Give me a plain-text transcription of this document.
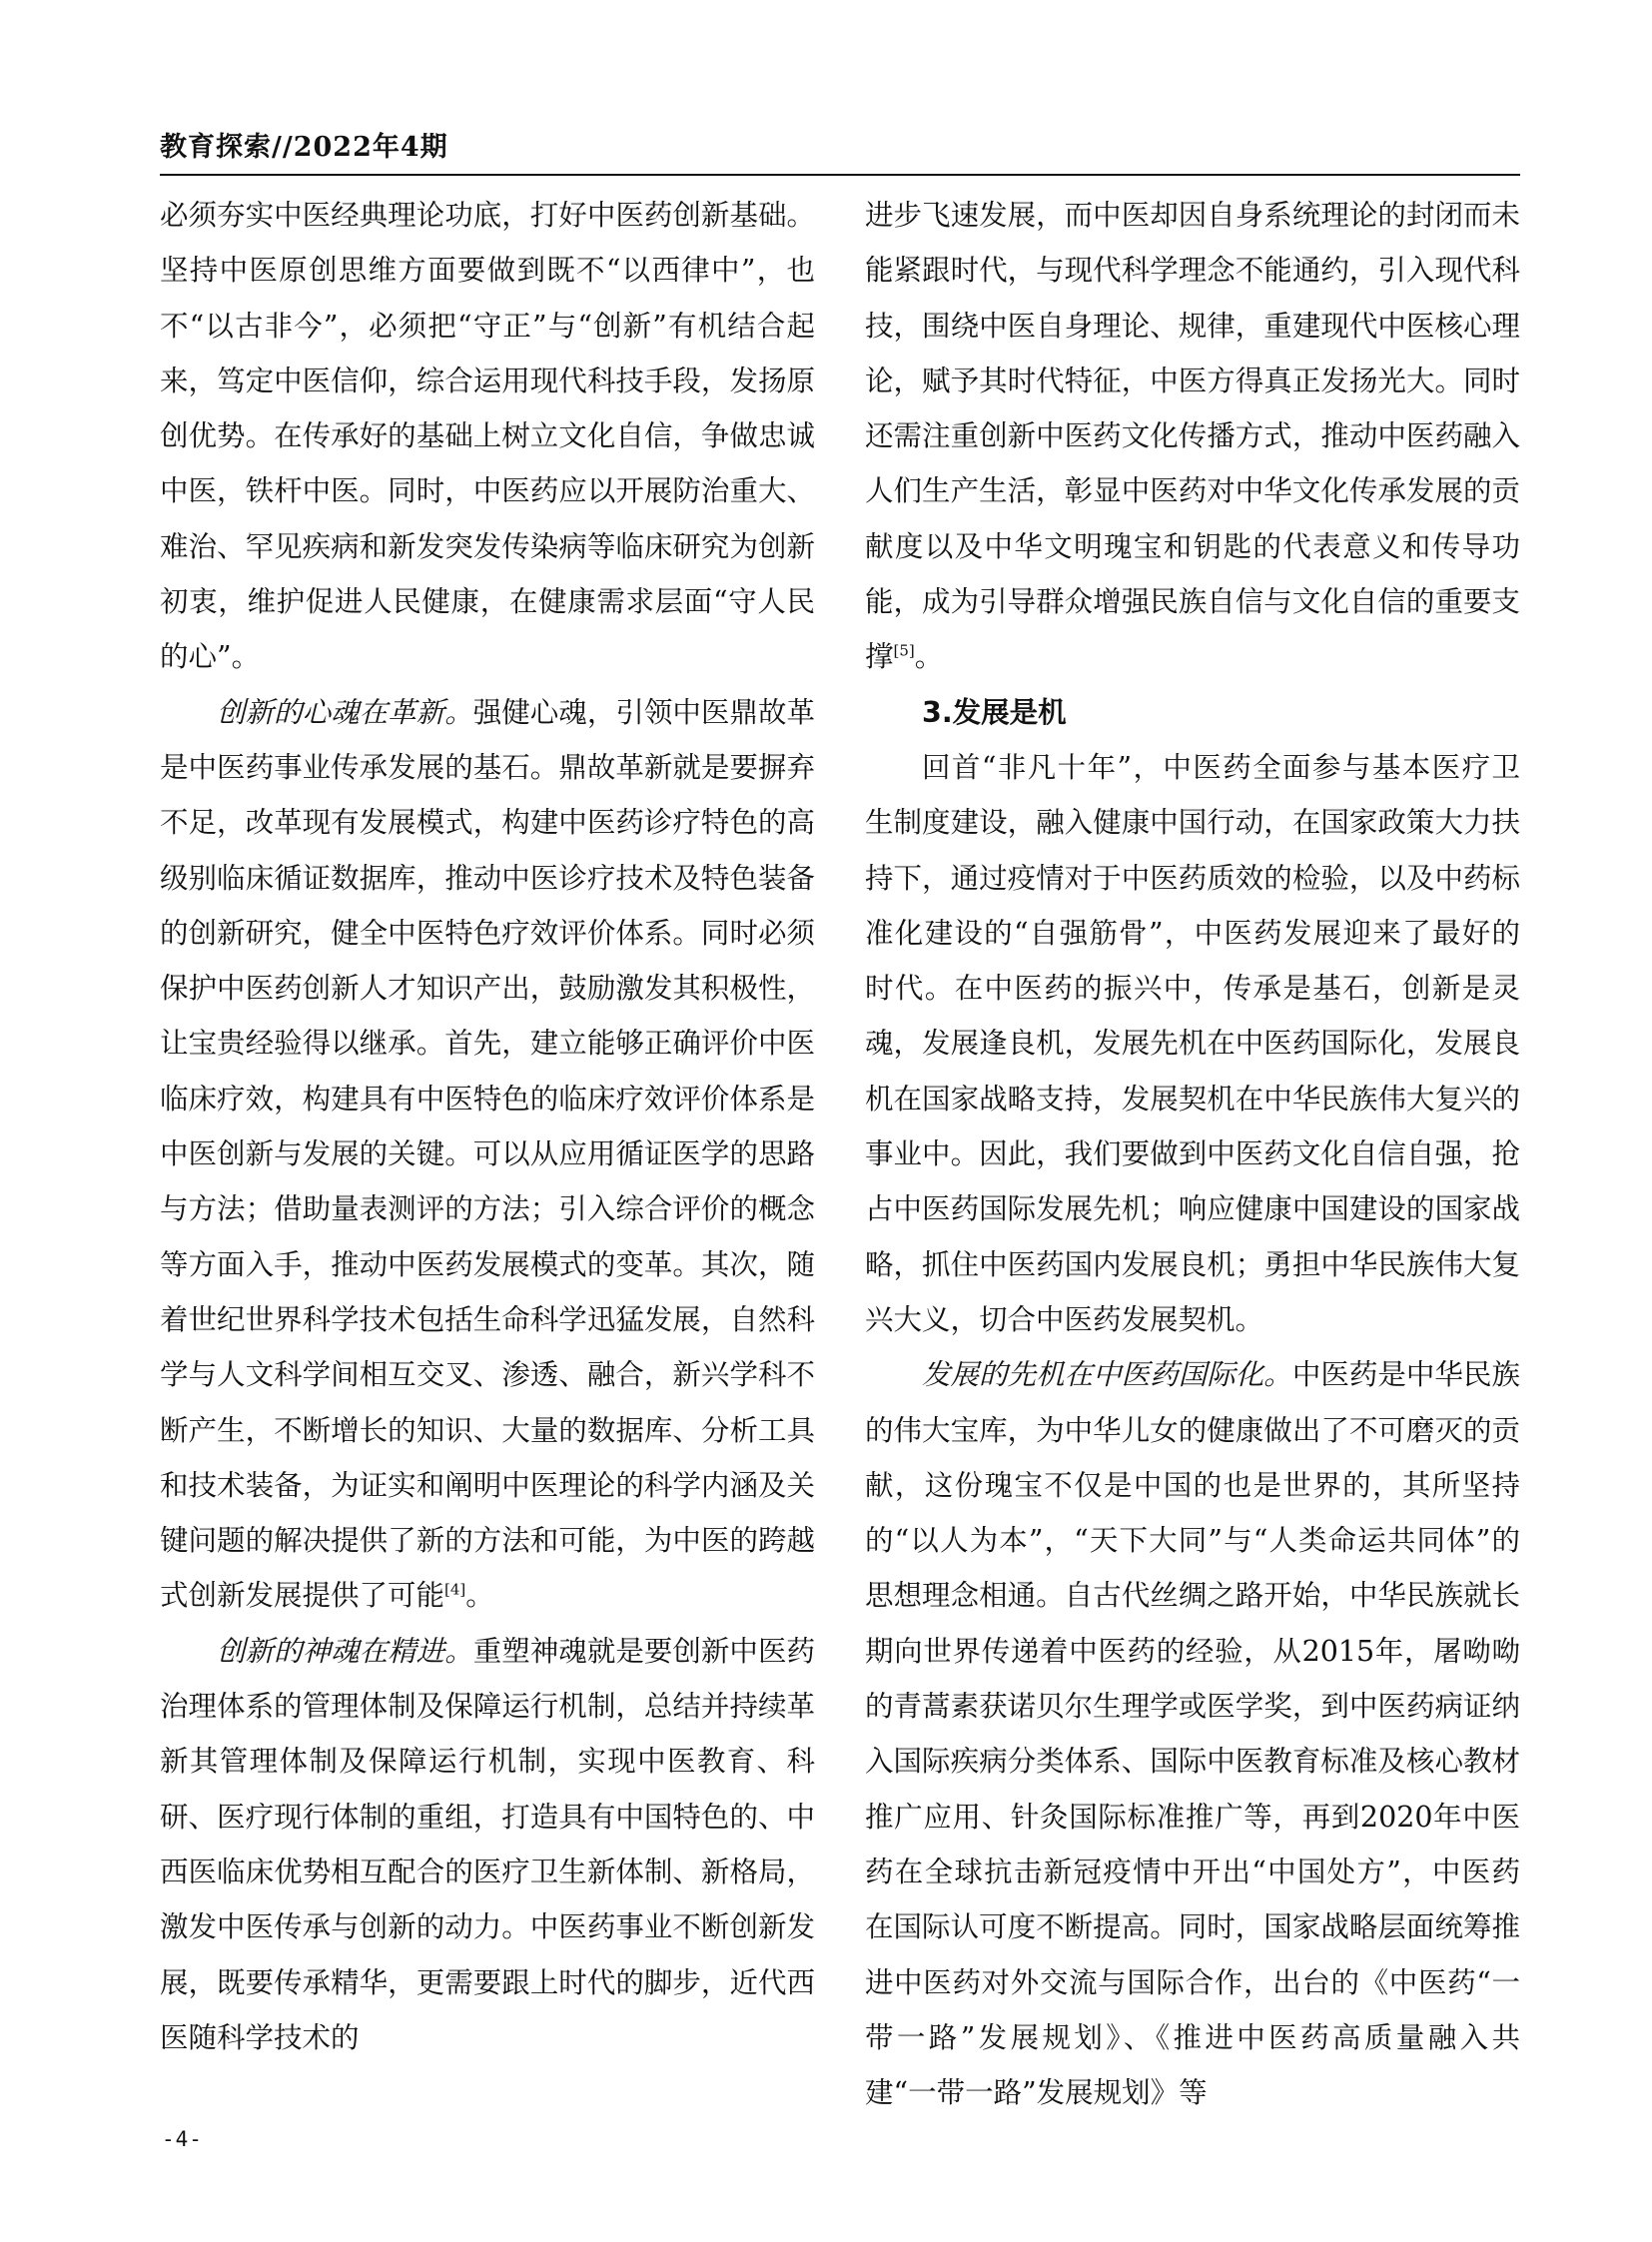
教育探索//2022年4期

必须夯实中医经典理论功底，打好中医药创新基础。坚持中医原创思维方面要做到既不“以西律中”，也不“以古非今”，必须把“守正”与“创新”有机结合起来，笃定中医信仰，综合运用现代科技手段，发扬原创优势。在传承好的基础上树立文化自信，争做忠诚中医，铁杆中医。同时，中医药应以开展防治重大、难治、罕见疾病和新发突发传染病等临床研究为创新初衷，维护促进人民健康，在健康需求层面“守人民的心”。

创新的心魂在革新。强健心魂，引领中医鼎故革是中医药事业传承发展的基石。鼎故革新就是要摒弃不足，改革现有发展模式，构建中医药诊疗特色的高级别临床循证数据库，推动中医诊疗技术及特色装备的创新研究，健全中医特色疗效评价体系。同时必须保护中医药创新人才知识产出，鼓励激发其积极性，让宝贵经验得以继承。首先，建立能够正确评价中医临床疗效，构建具有中医特色的临床疗效评价体系是中医创新与发展的关键。可以从应用循证医学的思路与方法；借助量表测评的方法；引入综合评价的概念等方面入手，推动中医药发展模式的变革。其次，随着世纪世界科学技术包括生命科学迅猛发展，自然科学与人文科学间相互交叉、渗透、融合，新兴学科不断产生，不断增长的知识、大量的数据库、分析工具和技术装备，为证实和阐明中医理论的科学内涵及关键问题的解决提供了新的方法和可能，为中医的跨越式创新发展提供了可能[4]。

创新的神魂在精进。重塑神魂就是要创新中医药治理体系的管理体制及保障运行机制，总结并持续革新其管理体制及保障运行机制，实现中医教育、科研、医疗现行体制的重组，打造具有中国特色的、中西医临床优势相互配合的医疗卫生新体制、新格局，激发中医传承与创新的动力。中医药事业不断创新发展，既要传承精华，更需要跟上时代的脚步，近代西医随科学技术的

进步飞速发展，而中医却因自身系统理论的封闭而未能紧跟时代，与现代科学理念不能通约，引入现代科技，围绕中医自身理论、规律，重建现代中医核心理论，赋予其时代特征，中医方得真正发扬光大。同时还需注重创新中医药文化传播方式，推动中医药融入人们生产生活，彰显中医药对中华文化传承发展的贡献度以及中华文明瑰宝和钥匙的代表意义和传导功能，成为引导群众增强民族自信与文化自信的重要支撑[5]。

3.发展是机

回首“非凡十年”，中医药全面参与基本医疗卫生制度建设，融入健康中国行动，在国家政策大力扶持下，通过疫情对于中医药质效的检验，以及中药标准化建设的“自强筋骨”，中医药发展迎来了最好的时代。在中医药的振兴中，传承是基石，创新是灵魂，发展逢良机，发展先机在中医药国际化，发展良机在国家战略支持，发展契机在中华民族伟大复兴的事业中。因此，我们要做到中医药文化自信自强，抢占中医药国际发展先机；响应健康中国建设的国家战略，抓住中医药国内发展良机；勇担中华民族伟大复兴大义，切合中医药发展契机。

发展的先机在中医药国际化。中医药是中华民族的伟大宝库，为中华儿女的健康做出了不可磨灭的贡献，这份瑰宝不仅是中国的也是世界的，其所坚持的“以人为本”，“天下大同”与“人类命运共同体”的思想理念相通。自古代丝绸之路开始，中华民族就长期向世界传递着中医药的经验，从2015年，屠呦呦的青蒿素获诺贝尔生理学或医学奖，到中医药病证纳入国际疾病分类体系、国际中医教育标准及核心教材推广应用、针灸国际标准推广等，再到2020年中医药在全球抗击新冠疫情中开出“中国处方”，中医药在国际认可度不断提高。同时，国家战略层面统筹推进中医药对外交流与国际合作，出台的《中医药“一带一路”发展规划》、《推进中医药高质量融入共建“一带一路”发展规划》等

-4-
